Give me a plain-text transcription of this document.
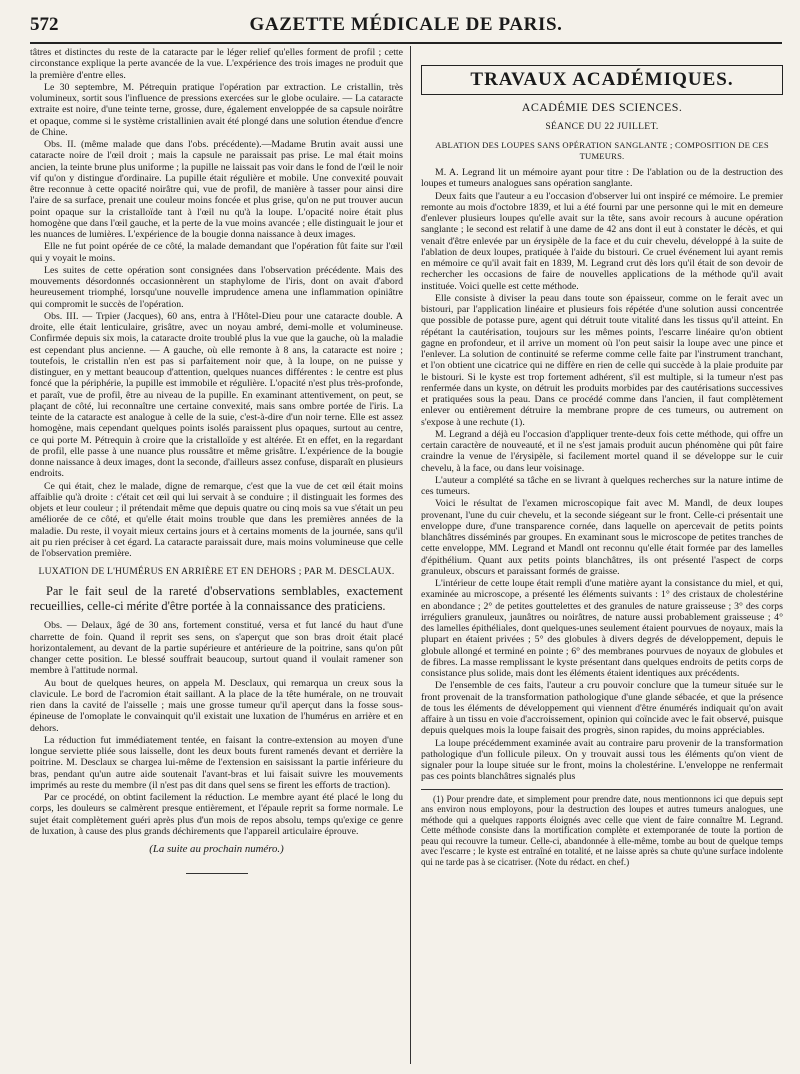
572	GAZETTE MÉDICALE DE PARIS.

tâtres et distinctes du reste de la cataracte par le léger relief qu'elles forment de profil ; cette circonstance explique la perte avancée de la vue. L'expérience des trois images ne produit que la première d'entre elles.

Le 30 septembre, M. Pétrequin pratique l'opération par extraction. Le cristallin, très volumineux, sortit sous l'influence de pressions exercées sur le globe oculaire. — La cataracte extraite est noire, d'une teinte terne, grosse, dure, également enveloppée de sa capsule noirâtre et opaque, comme si le système cristallinien avait été plongé dans une solution étendue d'encre de Chine.

Obs. II. (même malade que dans l'obs. précédente).—Madame Brutin avait aussi une cataracte noire de l'œil droit ; mais la capsule ne paraissait pas prise. Le mal était moins ancien, la teinte brune plus uniforme ; la pupille ne laissait pas voir dans le fond de l'œil le noir vif qu'on y distingue d'ordinaire. La pupille était régulière et mobile. Une convexité pouvait être reconnue à cette opacité noirâtre qui, vue de profil, de manière à tasser pour ainsi dire l'aire de sa surface, prenait une couleur moins foncée et plus grise, qu'on ne put trouver aucun point opaque sur la cristalloïde tant à l'œil nu qu'à la loupe. L'opacité noire était plus homogène que dans l'œil gauche, et la perte de la vue moins avancée ; elle distinguait le jour et les nuances de lumières. L'expérience de la bougie donna naissance à deux images.

Elle ne fut point opérée de ce côté, la malade demandant que l'opération fût faite sur l'œil qui y voyait le moins.

Les suites de cette opération sont consignées dans l'observation précédente. Mais des mouvements désordonnés occasionnèrent un staphylome de l'iris, dont on avait d'abord heureusement triomphé, lorsqu'une nouvelle imprudence amena une inflammation opiniâtre qui compromit le succès de l'opération.

Obs. III. — Trpier (Jacques), 60 ans, entra à l'Hôtel-Dieu pour une cataracte double. A droite, elle était lenticulaire, grisâtre, avec un noyau ambré, demi-molle et volumineuse. Confirmée depuis six mois, la cataracte droite troublé plus la vue que la gauche, où la maladie est cependant plus ancienne. — A gauche, où elle remonte à 8 ans, la cataracte est noire ; toutefois, le cristallin n'en est pas si parfaitement noir que, à la loupe, on ne puisse y distinguer, en y mettant beaucoup d'attention, quelques nuances différentes : le centre est plus foncé que la périphérie, la pupille est immobile et régulière. L'opacité n'est plus très-profonde, et paraît, vue de profil, être au niveau de la pupille. En examinant attentivement, on peut, se plaçant de côté, lui reconnaître une certaine convexité, mais sans ombre portée de l'iris. La teinte de la cataracte est analogue à celle de la suie, c'est-à-dire d'un noir terne. Elle est assez homogène, mais cependant quelques points isolés paraissent plus opaques, surtout au centre, ce qui porte M. Pétrequin à croire que la cristalloïde y est altérée. Et en effet, en la regardant de profil, elle passe à une nuance plus roussâtre et même grisâtre. L'expérience de la bougie donne naissance à deux images, dont la seconde, d'ailleurs assez confuse, disparaît en plusieurs endroits.

Ce qui était, chez le malade, digne de remarque, c'est que la vue de cet œil était moins affaiblie qu'à droite : c'était cet œil qui lui servait à se conduire ; il distinguait les formes des objets et leur couleur ; il prétendait même que depuis quatre ou cinq mois sa vue s'était un peu améliorée de ce côté, et qu'elle était moins trouble que dans les premières années de la maladie. Du reste, il voyait mieux certains jours et à certains moments de la journée, sans qu'il ait pu rien préciser à cet égard. La cataracte paraissait dure, mais moins volumineuse que celle de l'observation première.

LUXATION DE L'HUMÉRUS EN ARRIÈRE ET EN DEHORS ; PAR M. DESCLAUX.

Par le fait seul de la rareté d'observations semblables, exactement recueillies, celle-ci mérite d'être portée à la connaissance des praticiens.

Obs. — Delaux, âgé de 30 ans, fortement constitué, versa et fut lancé du haut d'une charrette de foin. Quand il reprit ses sens, on s'aperçut que son bras droit était placé horizontalement, au devant de la partie supérieure et antérieure de la poitrine, sans qu'on pût changer cette position. Le blessé souffrait beaucoup, surtout quand il voulait ramener son membre à l'attitude normal.

Au bout de quelques heures, on appela M. Desclaux, qui remarqua un creux sous la clavicule. Le bord de l'acromion était saillant. A la place de la tête humérale, on ne trouvait rien dans la cavité de l'aisselle ; mais une grosse tumeur qu'il aperçut dans la fosse sous-épineuse de l'omoplate le convainquit qu'il existait une luxation de l'humérus en arrière et en dehors.

La réduction fut immédiatement tentée, en faisant la contre-extension au moyen d'une longue serviette pliée sous laisselle, dont les deux bouts furent ramenés devant et derrière la poitrine. M. Desclaux se chargea lui-même de l'extension en saisissant la partie inférieure du bras, pendant qu'un autre aide soutenait l'avant-bras et lui faisait suivre les mouvements imprimés au reste du membre (il n'est pas dit dans quel sens se firent les efforts de traction).

Par ce procédé, on obtint facilement la réduction. Le membre ayant été placé le long du corps, les douleurs se calmèrent presque entièrement, et l'épaule reprit sa forme normale. Le sujet était complètement guéri après plus d'un mois de repos absolu, temps qu'exige ce genre de luxation, à cause des plus grands déchirements que l'appareil articulaire éprouve.

(La suite au prochain numéro.)

TRAVAUX ACADÉMIQUES.
ACADÉMIE DES SCIENCES.
SÉANCE DU 22 JUILLET.
ABLATION DES LOUPES SANS OPÉRATION SANGLANTE ; COMPOSITION DE CES TUMEURS.

M. A. Legrand lit un mémoire ayant pour titre : De l'ablation ou de la destruction des loupes et tumeurs analogues sans opération sanglante.

Deux faits que l'auteur a eu l'occasion d'observer lui ont inspiré ce mémoire. Le premier remonte au mois d'octobre 1839, et lui a été fourni par une personne qui le mit en demeure d'enlever plusieurs loupes qu'elle avait sur la tête, sans avoir recours à aucune opération sanglante ; le second est relatif à une dame de 42 ans dont il eut à constater le décès, et qui venait d'être enlevée par un érysipèle de la face et du cuir chevelu, développé à la suite de l'ablation de deux loupes, pratiquée à l'aide du bistouri. Ce cruel événement lui ayant remis en mémoire ce qu'il avait fait en 1839, M. Legrand crut dès lors qu'il était de son devoir de rechercher les occasions de faire de nouvelles applications de la méthode qu'il avait instituée. Voici quelle est cette méthode.

Elle consiste à diviser la peau dans toute son épaisseur, comme on le ferait avec un bistouri, par l'application linéaire et plusieurs fois répétée d'une solution aussi concentrée que possible de potasse pure, agent qui détruit toute vitalité dans les tissus qu'il atteint. En répétant la cautérisation, toujours sur les mêmes points, l'escarre linéaire qu'on obtient gagne en profondeur, et il arrive un moment où l'on peut saisir la loupe avec une pince et l'enlever. La solution de continuité se referme comme celle faite par l'instrument tranchant, et l'on obtient une cicatrice qui ne diffère en rien de celle qui succède à la plaie produite par le bistouri. Si le kyste est trop fortement adhérent, s'il est multiple, si la tumeur n'est pas renfermée dans un kyste, on détruit les produits morbides par des cautérisations successives et pratiquées sous la peau. Dans ce procédé comme dans l'ancien, il faut complètement enlever ou entièrement détruire la membrane propre de ces tumeurs, ou autrement on s'expose à une rechute (1).

M. Legrand a déjà eu l'occasion d'appliquer trente-deux fois cette méthode, qui offre un certain caractère de nouveauté, et il ne s'est jamais produit aucun phénomène qui pût faire craindre la venue de l'érysipèle, si facilement mortel quand il se développe sur le cuir chevelu, à la face, ou dans leur voisinage.

L'auteur a complété sa tâche en se livrant à quelques recherches sur la nature intime de ces tumeurs.

Voici le résultat de l'examen microscopique fait avec M. Mandl, de deux loupes provenant, l'une du cuir chevelu, et la seconde siégeant sur le front. Celle-ci présentait une enveloppe dure, d'une transparence cornée, dans laquelle on apercevait de petits points blanchâtres disséminés par groupes. En examinant sous le microscope de petites tranches de cette enveloppe, MM. Legrand et Mandl ont reconnu qu'elle était formée par des lamelles d'épithélium. Quant aux petits points blanchâtres, ils ont présenté l'aspect de corps granuleux, obscurs et paraissant formés de graisse.

L'intérieur de cette loupe était rempli d'une matière ayant la consistance du miel, et qui, examinée au microscope, a présenté les éléments suivants : 1° des cristaux de cholestérine en abondance ; 2° de petites gouttelettes et des granules de nature graisseuse ; 3° des corps irréguliers granuleux, jaunâtres ou noirâtres, de nature aussi probablement graisseuse ; 4° des lamelles épithéliales, dont quelques-unes seulement étaient pourvues de noyaux, mais la plupart en étaient privées ; 5° des globules à divers degrés de développement, depuis le globule allongé et terminé en pointe ; 6° des membranes pourvues de noyaux de globules et de fibres. La masse remplissant le kyste présentant dans quelques endroits de petits corps de consistance plus solide, mais dont les éléments étaient identiques aux précédents.

De l'ensemble de ces faits, l'auteur a cru pouvoir conclure que la tumeur située sur le front provenait de la transformation pathologique d'une glande sébacée, et que la présence de tous les éléments de développement qui viennent d'être énumérés indiquait qu'on avait affaire à un tissu en voie d'accroissement, opinion qui coïncide avec le fait observé, puisque depuis quelques mois la loupe faisait des progrès, sinon rapides, du moins appréciables.

La loupe précédemment examinée avait au contraire paru provenir de la transformation pathologique d'un follicule pileux. On y trouvait aussi tous les éléments qu'on vient de signaler pour la loupe située sur le front, moins la cholestérine. L'enveloppe ne renfermait pas ces points blanchâtres signalés plus

(1) Pour prendre date, et simplement pour prendre date, nous mentionnons ici que depuis sept ans environ nous employons, pour la destruction des loupes et autres tumeurs analogues, une méthode qui a quelques rapports éloignés avec celle que vient de faire connaître M. Legrand. Cette méthode consiste dans la mortification complète et extemporanée de toute la portion de peau qui recouvre la tumeur. Celle-ci, abandonnée à elle-même, tombe au bout de quelque temps avec l'escarre ; le kyste est entraîné en totalité, et ne laisse après sa chute qu'une surface indolente qui ne tarde pas à se cicatriser. (Note du rédact. en chef.)
